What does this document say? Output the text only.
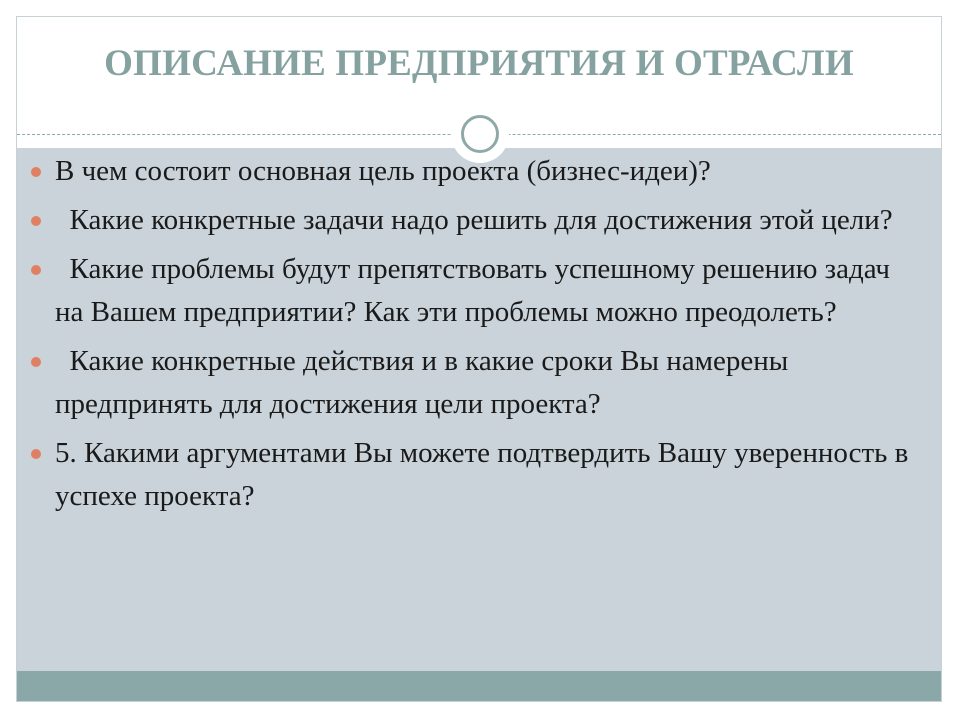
ОПИСАНИЕ ПРЕДПРИЯТИЯ И ОТРАСЛИ
В чем состоит основная цель проекта (бизнес-идеи)?
Какие конкретные задачи надо решить для достижения этой цели?
Какие проблемы будут препятствовать успешному решению задач на Вашем предприятии? Как эти проблемы можно преодолеть?
Какие конкретные действия и в какие сроки Вы намерены предпринять для достижения цели проекта?
5. Какими аргументами Вы можете подтвердить Вашу уверенность в успехе проекта?
